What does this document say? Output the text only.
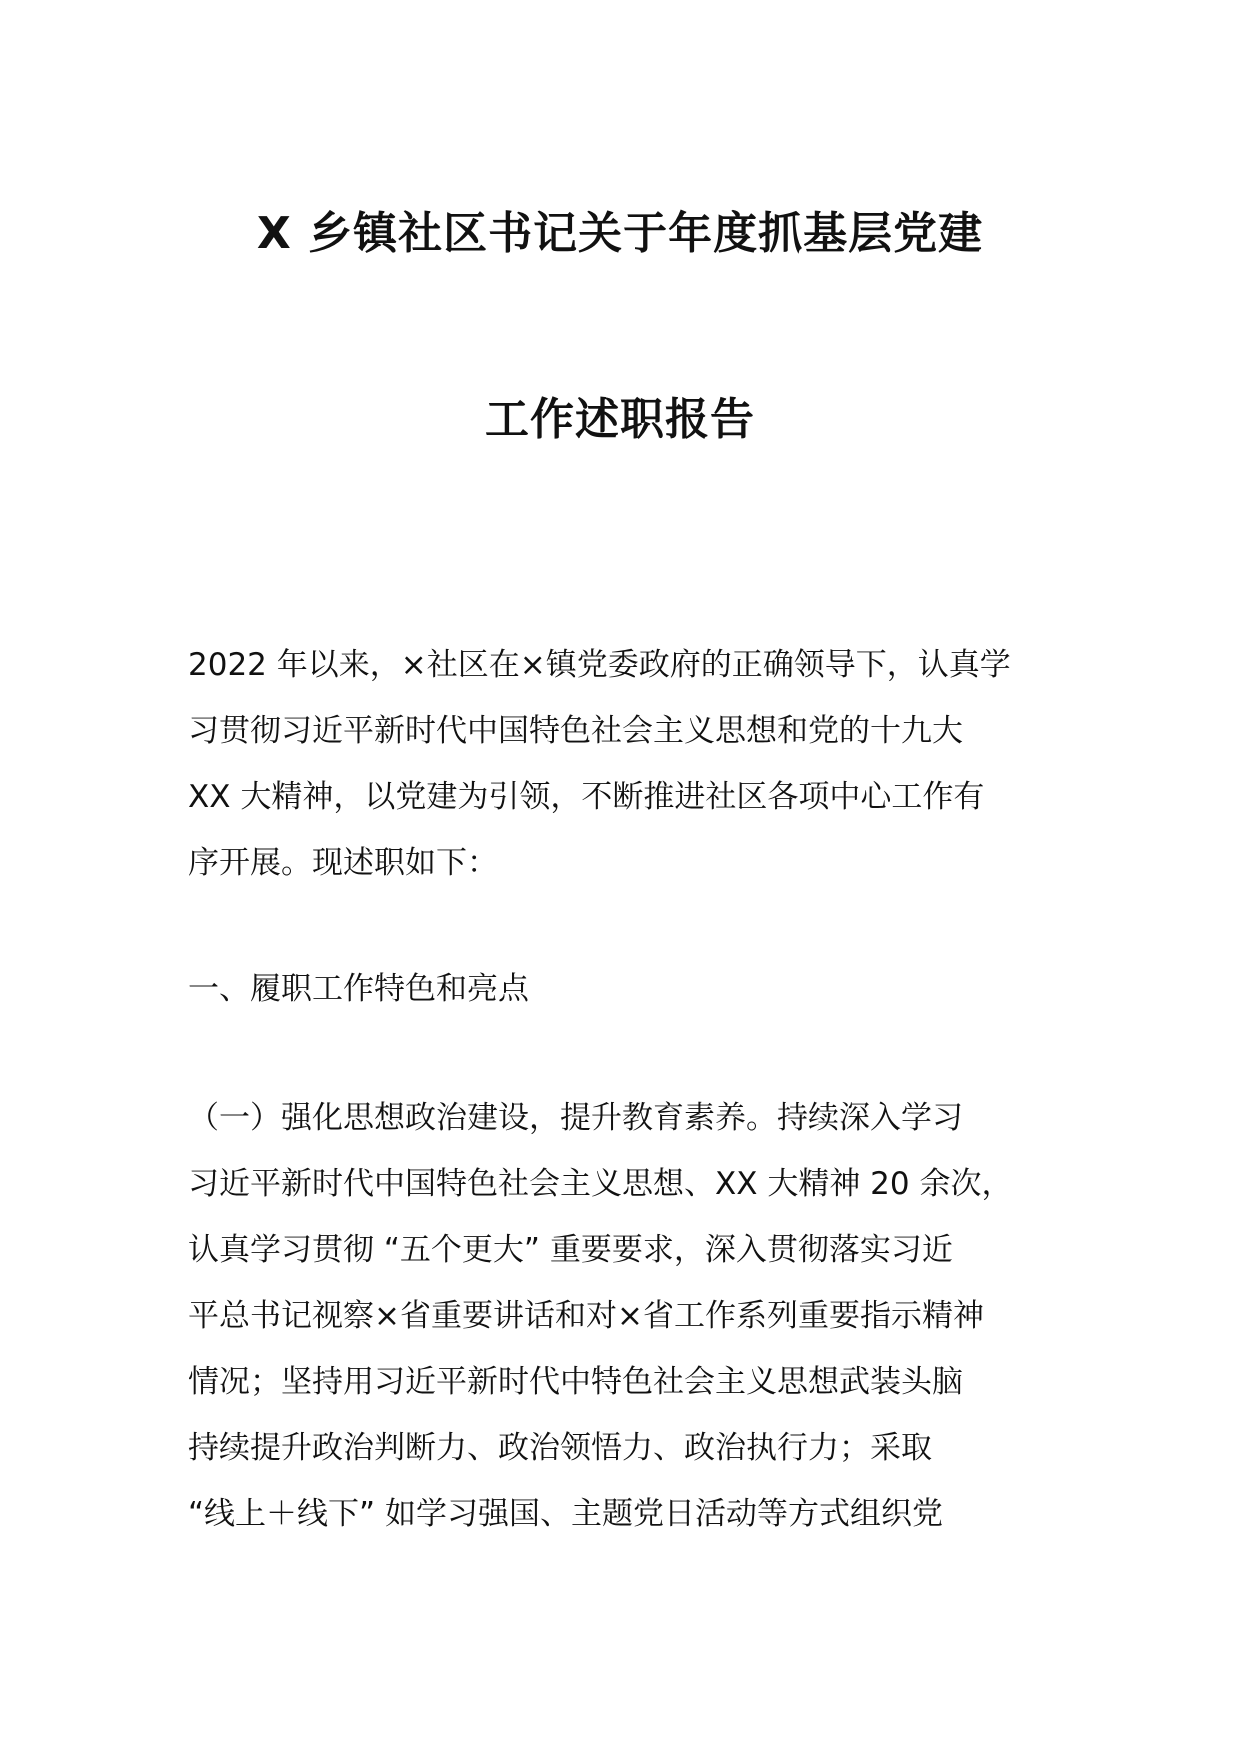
X 乡镇社区书记关于年度抓基层党建
工作述职报告
2022 年以来，×社区在×镇党委政府的正确领导下，认真学
习贯彻习近平新时代中国特色社会主义思想和党的十九大
XX 大精神，以党建为引领，不断推进社区各项中心工作有
序开展。现述职如下：
一、履职工作特色和亮点
（一）强化思想政治建设，提升教育素养。持续深入学习
习近平新时代中国特色社会主义思想、XX 大精神 20 余次，
认真学习贯彻 “五个更大” 重要要求，深入贯彻落实习近
平总书记视察×省重要讲话和对×省工作系列重要指示精神
情况；坚持用习近平新时代中特色社会主义思想武装头脑
持续提升政治判断力、政治领悟力、政治执行力；采取
“线上＋线下” 如学习强国、主题党日活动等方式组织党
